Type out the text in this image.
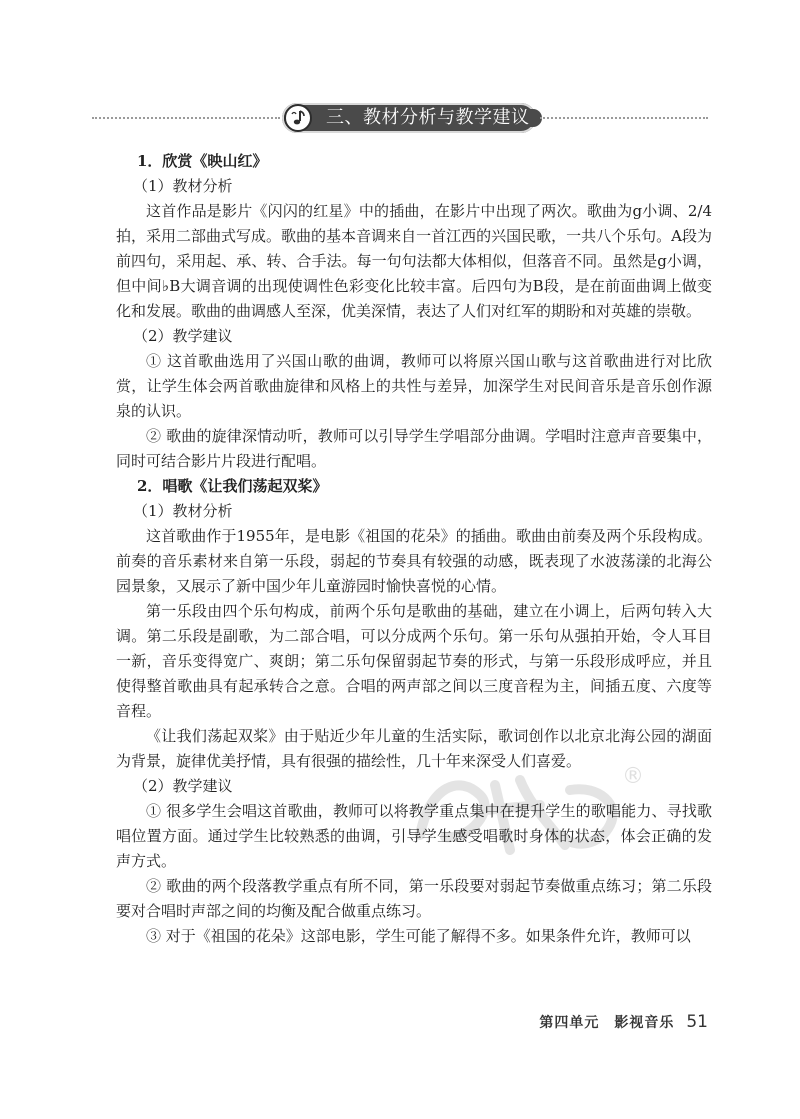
三、教材分析与教学建议

1．欣赏《映山红》

（1）教材分析

这首作品是影片《闪闪的红星》中的插曲，在影片中出现了两次。歌曲为g小调、2/4拍，采用二部曲式写成。歌曲的基本音调来自一首江西的兴国民歌，一共八个乐句。A段为前四句，采用起、承、转、合手法。每一句句法都大体相似，但落音不同。虽然是g小调，但中间♭B大调音调的出现使调性色彩变化比较丰富。后四句为B段，是在前面曲调上做变化和发展。歌曲的曲调感人至深，优美深情，表达了人们对红军的期盼和对英雄的崇敬。

（2）教学建议

① 这首歌曲选用了兴国山歌的曲调，教师可以将原兴国山歌与这首歌曲进行对比欣赏，让学生体会两首歌曲旋律和风格上的共性与差异，加深学生对民间音乐是音乐创作源泉的认识。

② 歌曲的旋律深情动听，教师可以引导学生学唱部分曲调。学唱时注意声音要集中，同时可结合影片片段进行配唱。

2．唱歌《让我们荡起双桨》

（1）教材分析

这首歌曲作于1955年，是电影《祖国的花朵》的插曲。歌曲由前奏及两个乐段构成。前奏的音乐素材来自第一乐段，弱起的节奏具有较强的动感，既表现了水波荡漾的北海公园景象，又展示了新中国少年儿童游园时愉快喜悦的心情。

第一乐段由四个乐句构成，前两个乐句是歌曲的基础，建立在小调上，后两句转入大调。第二乐段是副歌，为二部合唱，可以分成两个乐句。第一乐句从强拍开始，令人耳目一新，音乐变得宽广、爽朗；第二乐句保留弱起节奏的形式，与第一乐段形成呼应，并且使得整首歌曲具有起承转合之意。合唱的两声部之间以三度音程为主，间插五度、六度等音程。

《让我们荡起双桨》由于贴近少年儿童的生活实际，歌词创作以北京北海公园的湖面为背景，旋律优美抒情，具有很强的描绘性，几十年来深受人们喜爱。

（2）教学建议

① 很多学生会唱这首歌曲，教师可以将教学重点集中在提升学生的歌唱能力、寻找歌唱位置方面。通过学生比较熟悉的曲调，引导学生感受唱歌时身体的状态，体会正确的发声方式。

② 歌曲的两个段落教学重点有所不同，第一乐段要对弱起节奏做重点练习；第二乐段要对合唱时声部之间的均衡及配合做重点练习。

③ 对于《祖国的花朵》这部电影，学生可能了解得不多。如果条件允许，教师可以

®
第四单元　影视音乐 51
